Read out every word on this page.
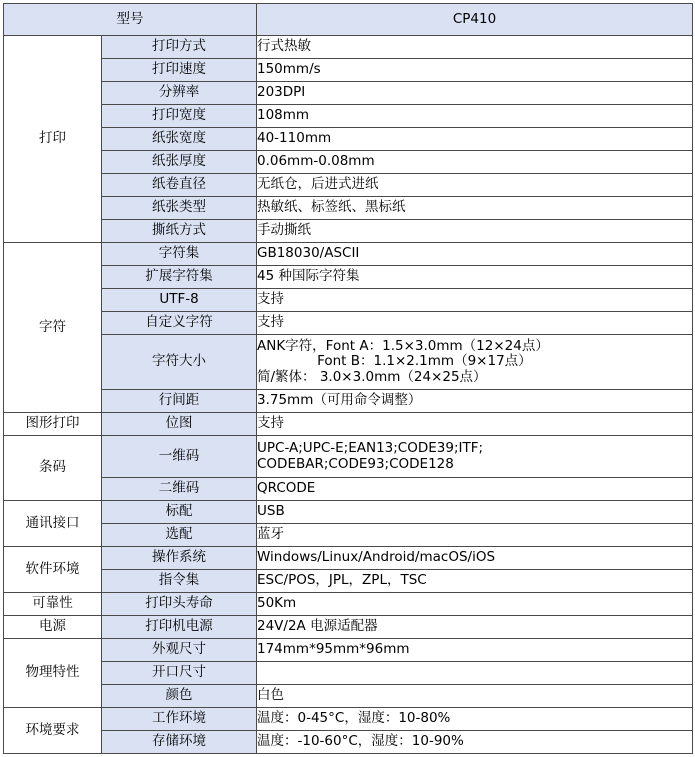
型号		CP410
打印	打印方式	行式热敏
	打印速度	150mm/s
	分辨率	203DPI
	打印宽度	108mm
	纸张宽度	40-110mm
	纸张厚度	0.06mm-0.08mm
	纸卷直径	无纸仓，后进式进纸
	纸张类型	热敏纸、标签纸、黑标纸
	撕纸方式	手动撕纸
字符	字符集	GB18030/ASCII
	扩展字符集	45 种国际字符集
	UTF-8	支持
	自定义字符	支持
	字符大小	ANK字符，Font A：1.5×3.0mm（12×24点）
Font B：1.1×2.1mm（9×17点）
简/繁体： 3.0×3.0mm（24×25点）

	行间距	3.75mm（可用命令调整）
图形打印	位图	支持
条码	一维码	UPC-A;UPC-E;EAN13;CODE39;ITF;
CODEBAR;CODE93;CODE128

	二维码	QRCODE
通讯接口	标配	USB
	选配	蓝牙
软件环境	操作系统	Windows/Linux/Android/macOS/iOS
	指令集	ESC/POS，JPL，ZPL，TSC
可靠性	打印头寿命	50Km
电源	打印机电源	24V/2A 电源适配器
物理特性	外观尺寸	174mm*95mm*96mm
	开口尺寸	
	颜色	白色
环境要求	工作环境	温度：0-45°C，湿度：10-80%
	存储环境	温度：-10-60°C，湿度：10-90%
